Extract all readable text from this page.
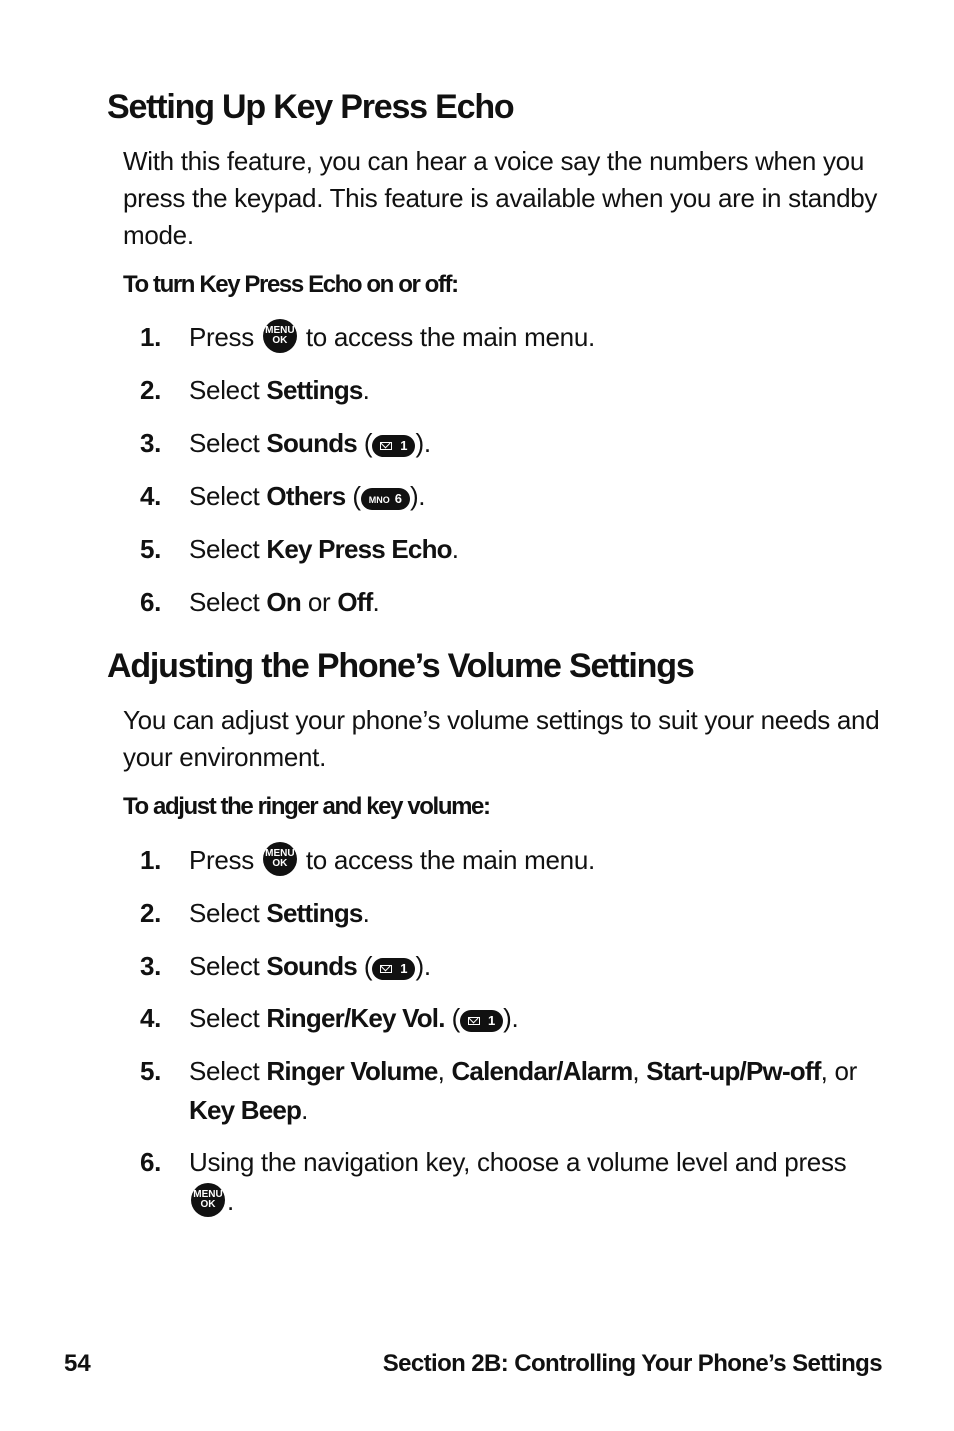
Setting Up Key Press Echo

With this feature, you can hear a voice say the numbers when you press the keypad. This feature is available when you are in standby mode.

To turn Key Press Echo on or off:

1.	Press MENU
OK to access the main menu.
2.	Select Settings.
3.	Select Sounds ( 1 ).
4.	Select Others ( MNO 6 ).
5.	Select Key Press Echo.
6.	Select On or Off.
Adjusting the Phone’s Volume Settings

You can adjust your phone’s volume settings to suit your needs and your environment.

To adjust the ringer and key volume:

1.	Press MENU
OK to access the main menu.
2.	Select Settings.
3.	Select Sounds ( 1 ).
4.	Select Ringer/Key Vol. ( 1 ).
5.	Select Ringer Volume, Calendar/Alarm, Start-up/Pw-off, or Key Beep.
6.	Using the navigation key, choose a volume level and press
MENU
OK .
54	Section 2B: Controlling Your Phone’s Settings
